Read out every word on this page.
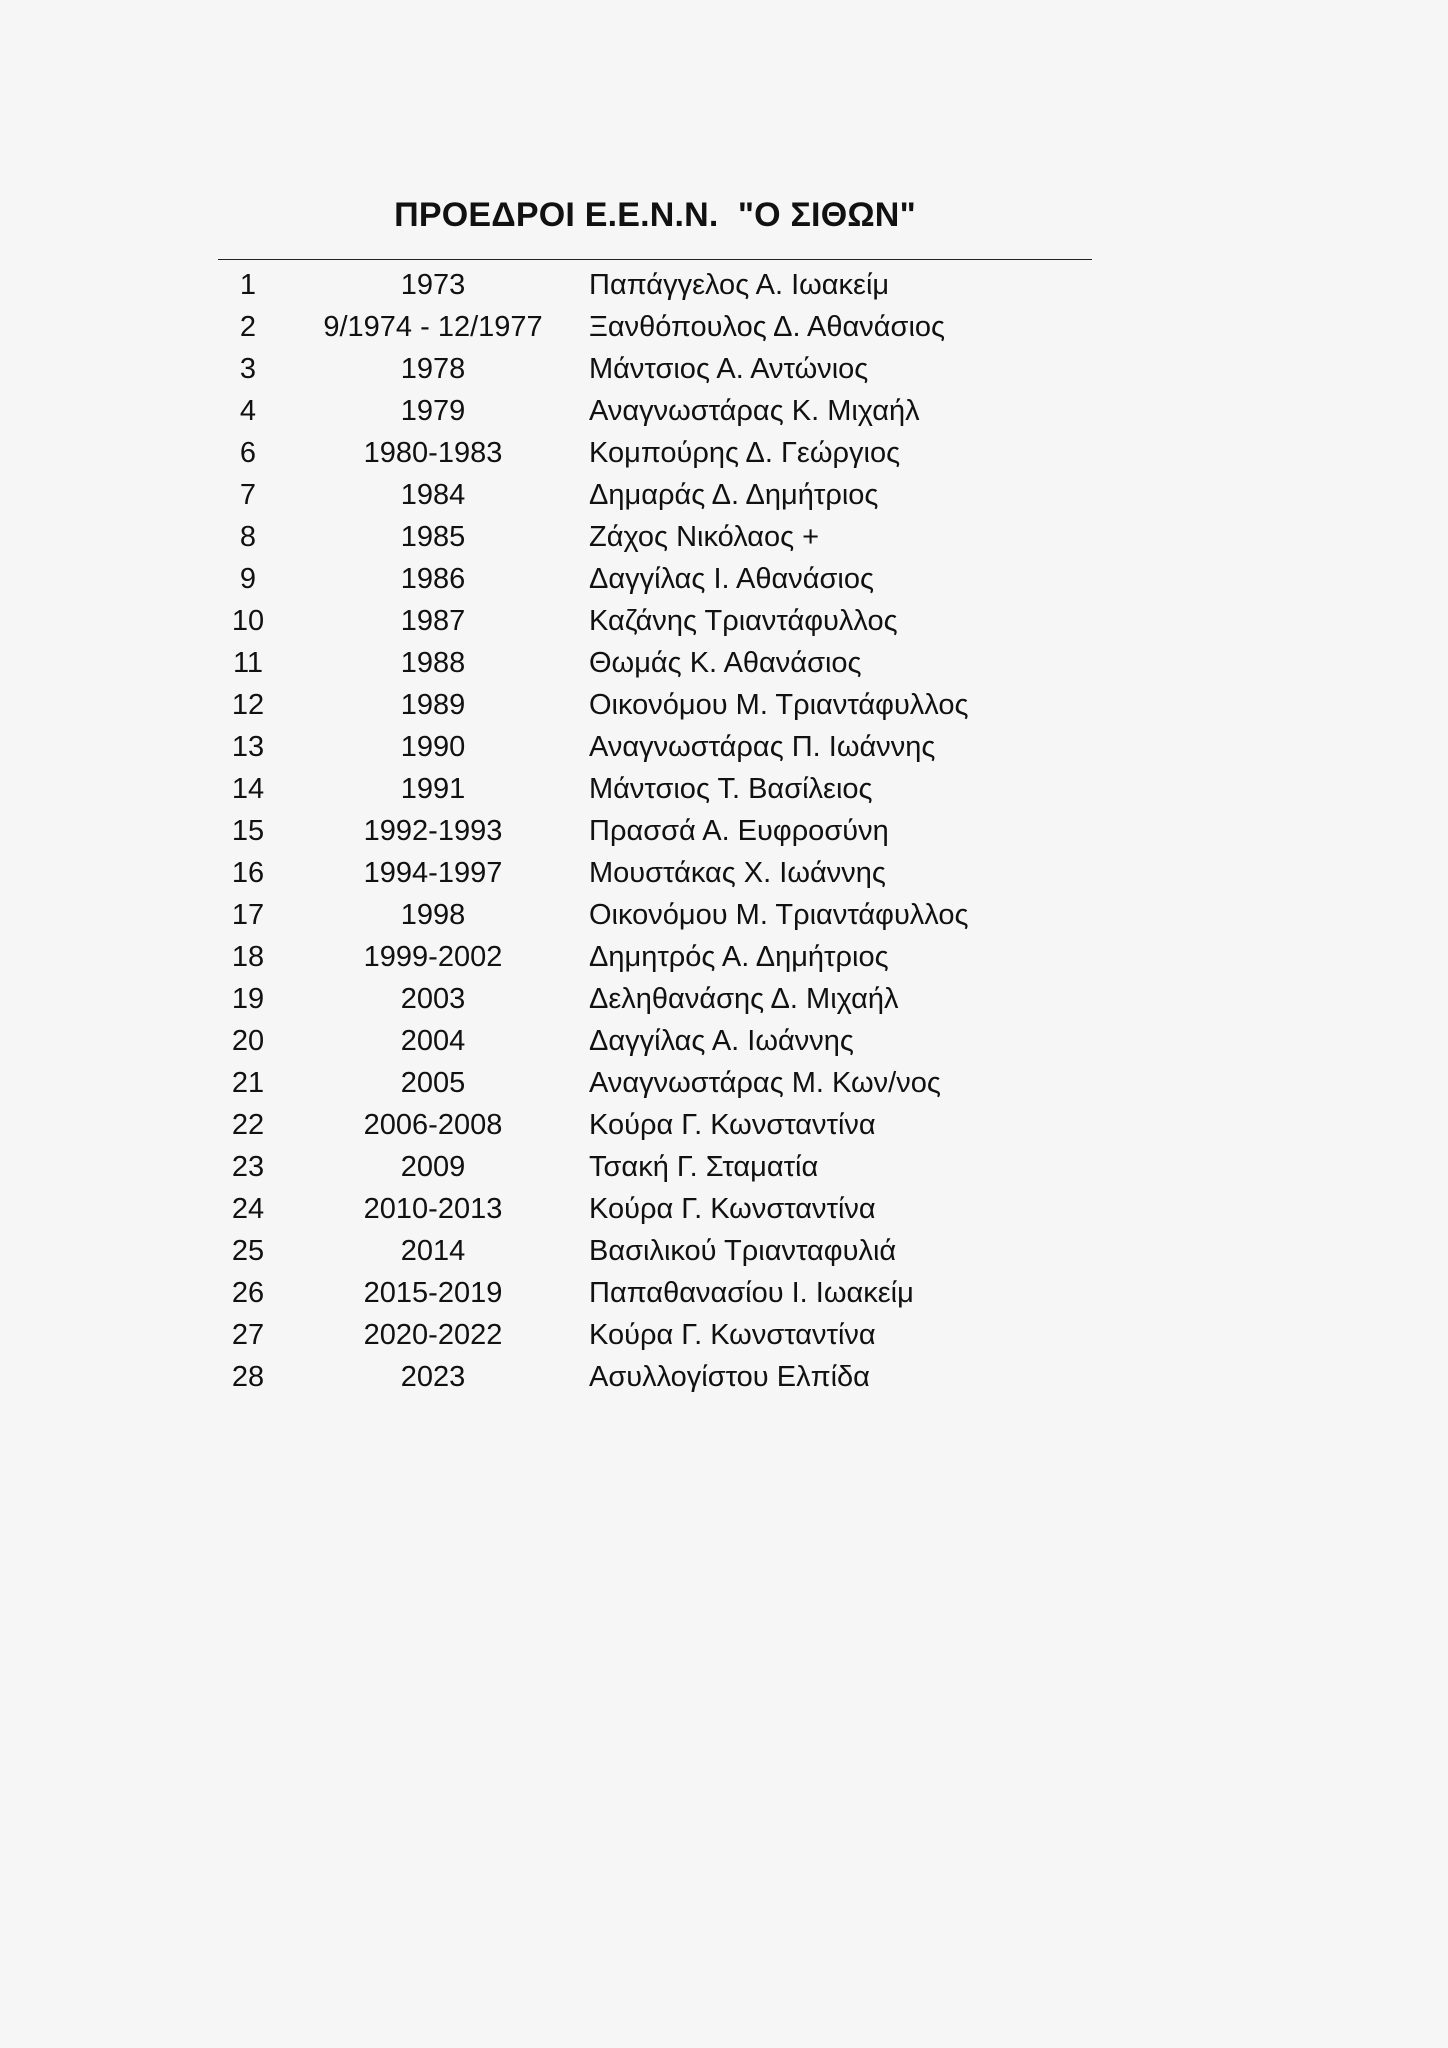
ΠΡΟΕΔΡΟΙ Ε.Ε.Ν.Ν.  "Ο ΣΙΘΩΝ"
1	1973	Παπάγγελος Α. Ιωακείμ
2	9/1974 - 12/1977	Ξανθόπουλος Δ. Αθανάσιος
3	1978	Μάντσιος Α. Αντώνιος
4	1979	Αναγνωστάρας Κ. Μιχαήλ
6	1980-1983	Κομπούρης Δ. Γεώργιος
7	1984	Δημαράς Δ. Δημήτριος
8	1985	Ζάχος Νικόλαος +
9	1986	Δαγγίλας Ι. Αθανάσιος
10	1987	Καζάνης Τριαντάφυλλος
11	1988	Θωμάς Κ. Αθανάσιος
12	1989	Οικονόμου Μ. Τριαντάφυλλος
13	1990	Αναγνωστάρας Π. Ιωάννης
14	1991	Μάντσιος Τ. Βασίλειος
15	1992-1993	Πρασσά Α. Ευφροσύνη
16	1994-1997	Μουστάκας Χ. Ιωάννης
17	1998	Οικονόμου Μ. Τριαντάφυλλος
18	1999-2002	Δημητρός Α. Δημήτριος
19	2003	Δεληθανάσης Δ. Μιχαήλ
20	2004	Δαγγίλας Α. Ιωάννης
21	2005	Αναγνωστάρας Μ. Κων/νος
22	2006-2008	Κούρα Γ. Κωνσταντίνα
23	2009	Τσακή Γ. Σταματία
24	2010-2013	Κούρα Γ. Κωνσταντίνα
25	2014	Βασιλικού Τριανταφυλιά
26	2015-2019	Παπαθανασίου Ι. Ιωακείμ
27	2020-2022	Κούρα Γ. Κωνσταντίνα
28	2023	Ασυλλογίστου Ελπίδα
